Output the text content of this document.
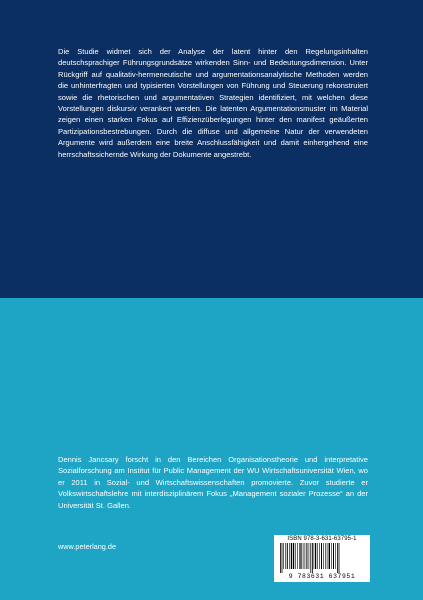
Die Studie widmet sich der Analyse der latent hinter den Regelungsinhalten deutschsprachiger Führungsgrundsätze wirkenden Sinn- und Bedeutungsdimension. Unter Rückgriff auf qualitativ-hermeneutische und argumentationsanalytische Methoden werden die unhinterfragten und typisierten Vorstellungen von Führung und Steuerung rekonstruiert sowie die rhetorischen und argumentativen Strategien identifiziert, mit welchen diese Vorstellungen diskursiv verankert werden. Die latenten Argumentationsmuster im Material zeigen einen starken Fokus auf Effizienzüberlegungen hinter den manifest geäußerten Partizipationsbestrebungen. Durch die diffuse und allgemeine Natur der verwendeten Argumente wird außerdem eine breite Anschlussfähigkeit und damit einhergehend eine herrschaftssichernde Wirkung der Dokumente angestrebt.

Dennis Jancsary forscht in den Bereichen Organisationstheorie und interpretative Sozialforschung am Institut für Public Management der WU Wirtschaftsuniversität Wien, wo er 2011 in Sozial- und Wirtschaftswissenschaften promovierte. Zuvor studierte er Volkswirtschaftslehre mit interdisziplinärem Fokus „Management sozialer Prozesse“ an der Universität St. Gallen.

www.peterlang.de
ISBN 978-3-631-63795-1
9 783631 637951
